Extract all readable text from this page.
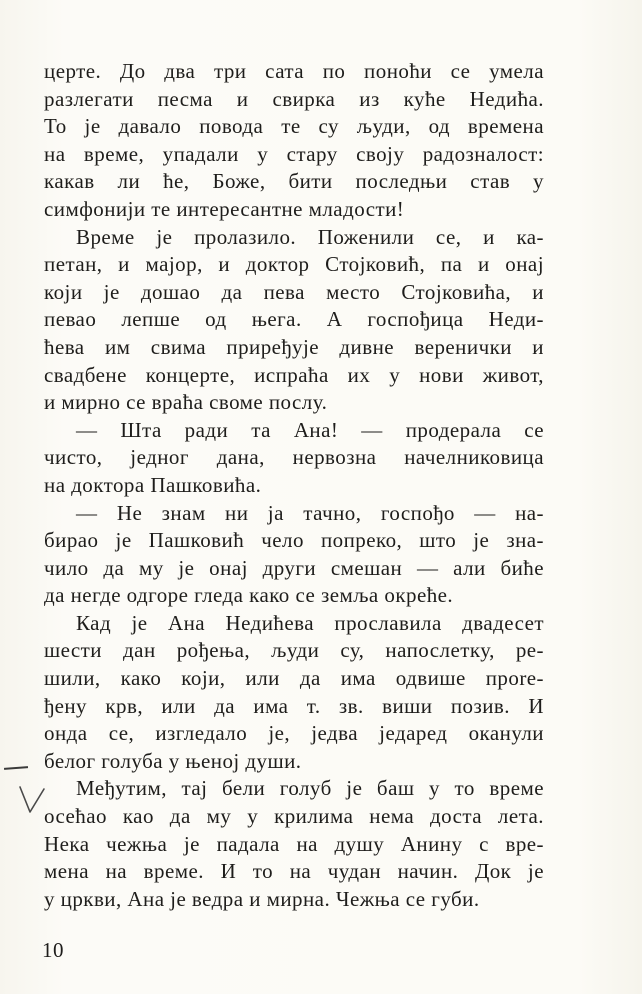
церте. До два три сата по поноћи се умела
разлегати песма и свирка из куће Недића.
То је давало повода те су људи, од времена
на време, упадали у стару своју радозналост:
какав ли ће, Боже, бити последњи став у
симфонији те интересантне младости!
Време је пролазило. Поженили се, и ка-
петан, и мајор, и доктор Стојковић, па и онај
који је дошао да пева место Стојковића, и
певао лепше од њега. А госпођица Неди-
ћева им свима приређује дивне веренички и
свадбене концерте, испраћа их у нови живот,
и мирно се враћа своме послу.
— Шта ради та Ана! — продерала се
чисто, једног дана, нервозна начелниковица
на доктора Пашковића.
— Не знам ни ја тачно, госпођо — на-
бирао је Пашковић чело попреко, што је зна-
чило да му је онај други смешан — али биће
да негде одгоре гледа како се земља окреће.
Кад је Ана Недићева прославила двадесет
шести дан рођења, људи су, напослетку, ре-
шили, како који, или да има одвише прore-
ђену крв, или да има т. зв. виши позив. И
онда се, изгледало је, једва једаред оканули
белог голуба у њеној души.
Међутим, тај бели голуб је баш у то време
осећао као да му у крилима нема доста лета.
Нека чежња је падала на душу Анину с вре-
мена на време. И то на чудан начин. Док је
у цркви, Ана је ведра и мирна. Чежња се губи.
10
